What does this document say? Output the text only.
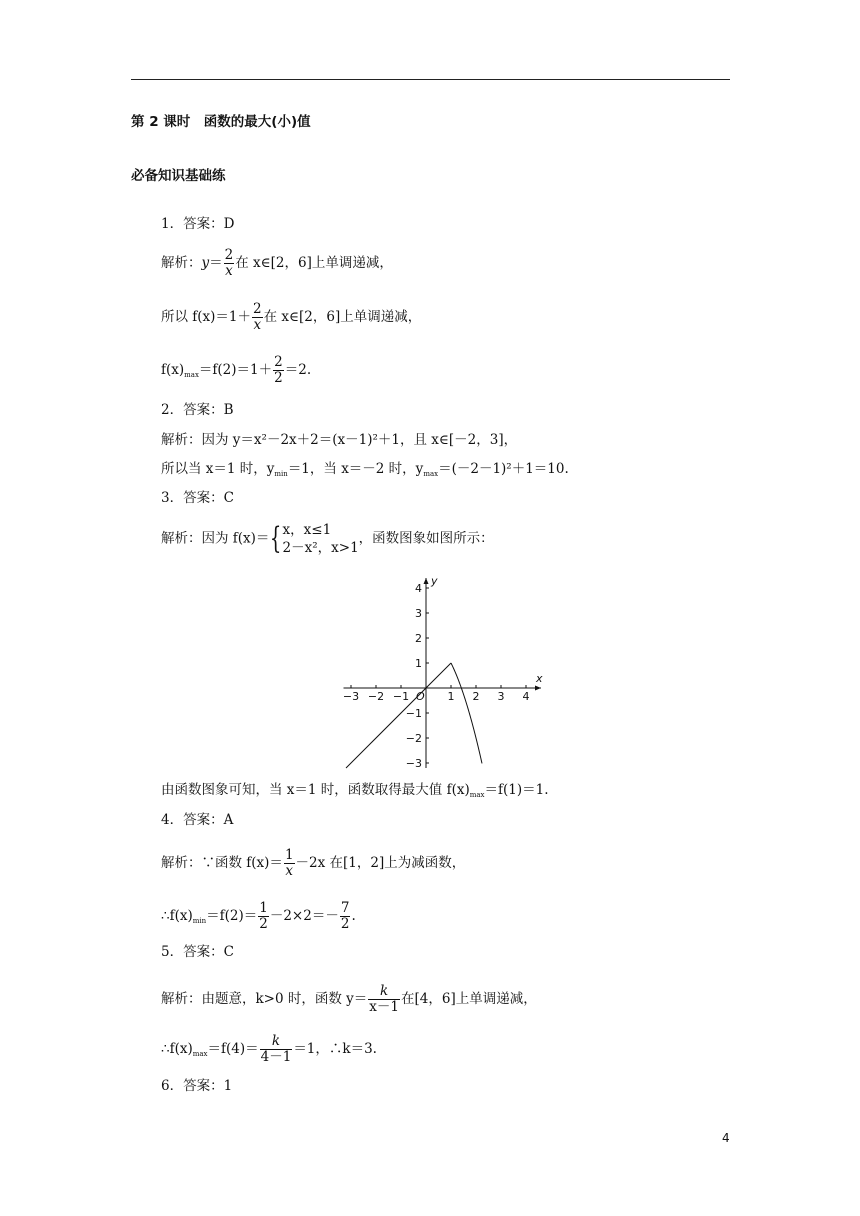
第 2 课时　函数的最大(小)值
必备知识基础练
1．答案：D
解析：$y= \frac{2}{x}$ 在 x∈[2，6]上单调递减，
所以 $f(x)=1+ \frac{2}{x}$ 在 x∈[2，6]上单调递减，
$f(x)_{max}=f(2)=1+ \frac{2}{2} =2$.
2．答案：B
解析：因为 y＝x²－2x＋2＝(x－1)²＋1，且 x∈[－2，3]，
所以当 x＝1 时，$y_{min}=1$，当 x＝－2 时，$y_{max}=(-2-1)^2+1=10$.
3．答案：C
解析：因为 f(x)＝{ x，x≤1
2－x²，x>1
，函数图象如图所示：
x
y
O
−3 −2 −1	1 2 3 4
4
3
2
1
−1
−2
−3
由函数图象可知，当 x＝1 时，函数取得最大值 $f(x)_{max}=f(1)=1$.
4．答案：A
解析：∵函数 $f(x)= \frac{1}{x} -2x$ 在[1，2]上为减函数，
$\therefore f(x)_{min}=f(2)= \frac{1}{2} -2\times 2=- \frac{7}{2}$ .
5．答案：C
解析：由题意，k>0 时，函数 $y= \frac{k}{x-1}$ 在[4，6]上单调递减，
$\therefore f(x)_{max}=f(4)= \frac{k}{4-1} =1$，∴k＝3.
6．答案：1
4
